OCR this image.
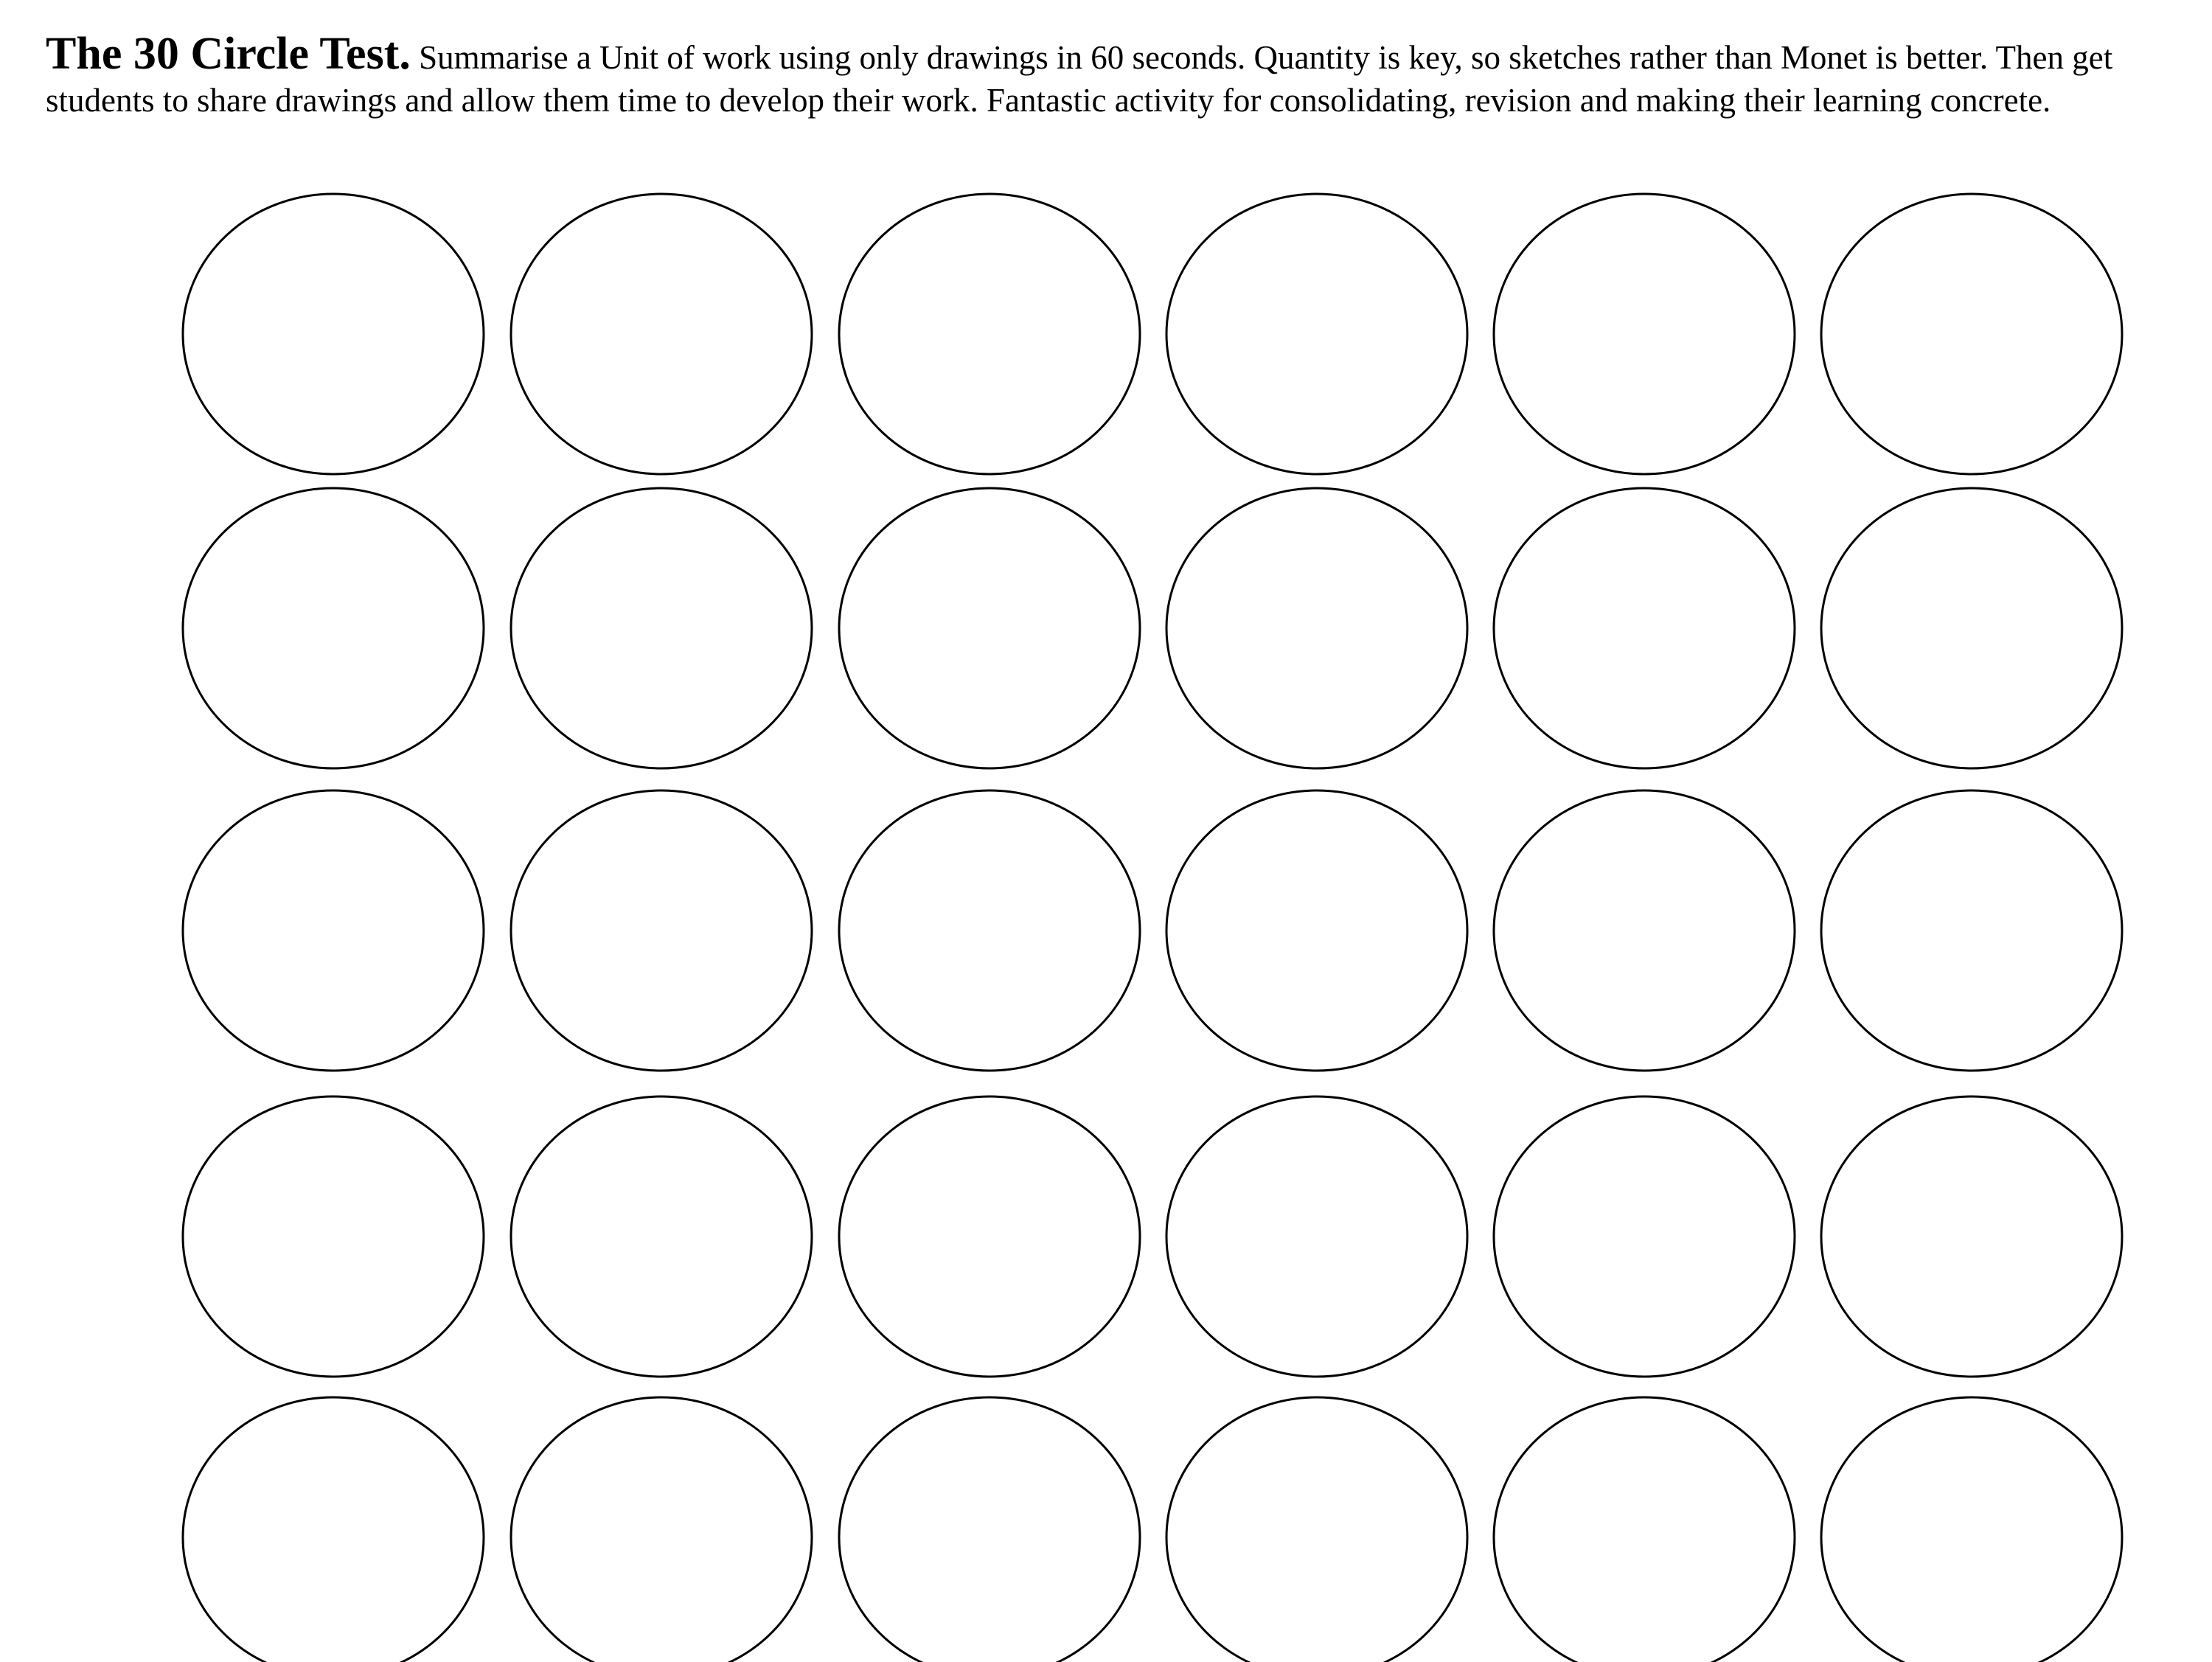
The 30 Circle Test. Summarise a Unit of work using only drawings in 60 seconds. Quantity is key, so sketches rather than Monet is better. Then get students to share drawings and allow them time to develop their work. Fantastic activity for consolidating, revision and making their learning concrete.
